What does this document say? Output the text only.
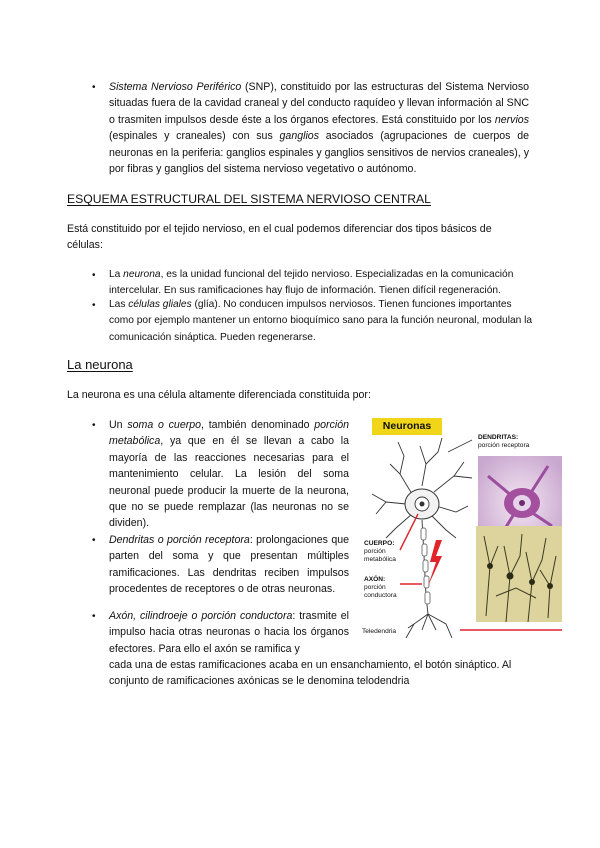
• Sistema Nervioso Periférico (SNP), constituido por las estructuras del Sistema Nervioso situadas fuera de la cavidad craneal y del conducto raquídeo y llevan información al SNC o trasmiten impulsos desde éste a los órganos efectores. Está constituido por los nervios (espinales y craneales) con sus ganglios asociados (agrupaciones de cuerpos de neuronas en la periferia: ganglios espinales y ganglios sensitivos de nervios craneales), y por fibras y ganglios del sistema nervioso vegetativo o autónomo.

ESQUEMA ESTRUCTURAL DEL SISTEMA NERVIOSO CENTRAL

Está constituido por el tejido nervioso, en el cual podemos diferenciar dos tipos básicos de células:

• La neurona, es la unidad funcional del tejido nervioso. Especializadas en la comunicación intercelular. En sus ramificaciones hay flujo de información. Tienen difícil regeneración.

• Las células gliales (glía). No conducen impulsos nerviosos. Tienen funciones importantes como por ejemplo mantener un entorno bioquímico sano para la función neuronal, modulan la comunicación sináptica. Pueden regenerarse.

La neurona

La neurona es una célula altamente diferenciada constituida por:

• Un soma o cuerpo, también denominado porción metabólica, ya que en él se llevan a cabo la mayoría de las reacciones necesarias para el mantenimiento celular. La lesión del soma neuronal puede producir la muerte de la neurona, que no se puede remplazar (las neuronas no se dividen).

• Dendritas o porción receptora: prolongaciones que parten del soma y que presentan múltiples ramificaciones. Las dendritas reciben impulsos procedentes de receptores o de otras neuronas.

• Axón, cilindroeje o porción conductora: trasmite el impulso hacia otras neuronas o hacia los órganos efectores. Para ello el axón se ramifica y

cada una de estas ramificaciones acaba en un ensanchamiento, el botón sináptico. Al conjunto de ramificaciones axónicas se le denomina telodendria

Neuronas
DENDRITAS:
porción receptora
CUERPO:
porción
metabólica
AXÓN:
porción
conductora
Teledendria
